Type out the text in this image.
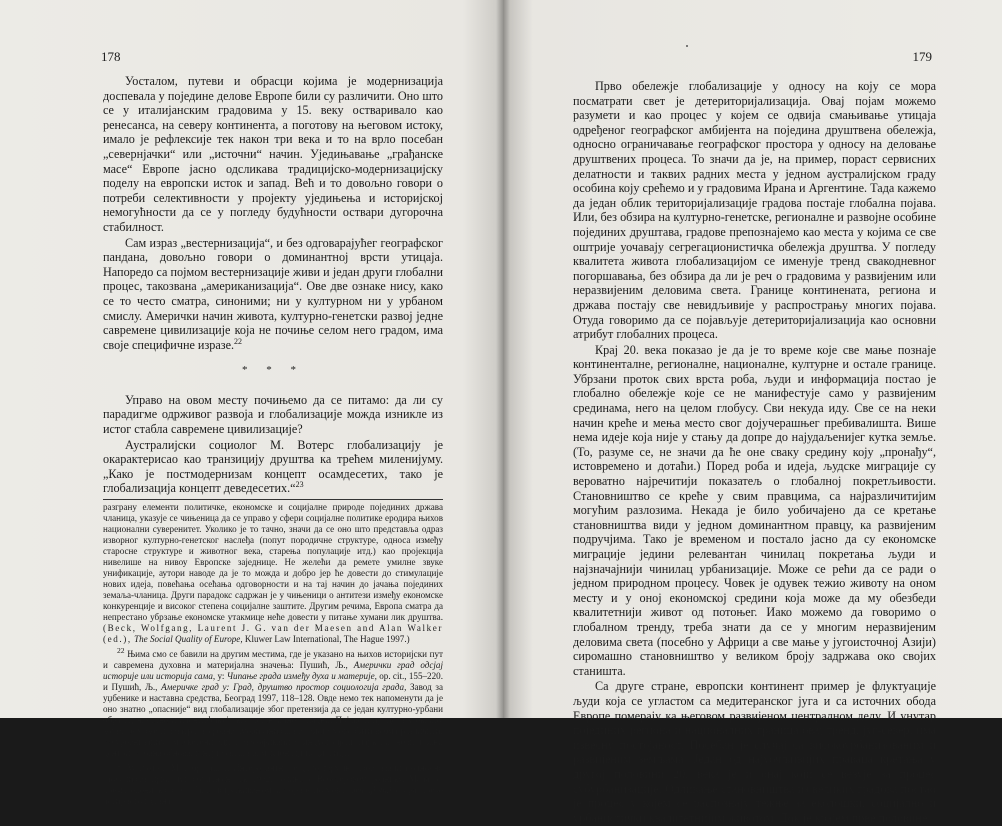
178

Уосталом, путеви и обрасци којима је модернизација доспевала у поједине делове Европе били су различити. Оно што се у италијанским градовима у 15. веку остваривало као ренесанса, на северу континента, а поготову на његовом истоку, имало је рефлексије тек након три века и то на врло посебан „севернјачки“ или „источни“ начин. Уједињавање „грађанске масе“ Европе јасно одсликава традицијско-модернизацијску поделу на европски исток и запад. Већ и то довољно говори о потреби селективности у пројекту уједињења и историјској немогућности да се у погледу будућности оствари дугорочна стабилност.

Сам израз „вестернизација“, и без одговарајућег географског пандана, довољно говори о доминантној врсти утицаја. Напоредо са појмом вестернизације живи и један други глобални процес, такозвана „американизација“. Ове две ознаке нису, како се то често сматра, синоними; ни у културном ни у урбаном смислу. Амерички начин живота, културно-генетски развој једне савремене цивилизације која не почиње селом него градом, има своје специфичне изразе.$^{22}$

* * *

Управо на овом месту почињемо да се питамо: да ли су парадигме одрживог развоја и глобализације можда изникле из истог стабла савремене цивилизације?

Аустралијски социолог М. Вотерс глобализацију је окарактерисао као транзицију друштва ка трећем миленијуму. „Како је постмодернизам концепт осамдесетих, тако је глобализација концепт деведесетих.“$^{23}$

разграну елементи политичке, економске и социјалне природе појединих држава чланица, указује се чињеница да се управо у сфери социјалне политике еродира њихов национални суверенитет. Уколико је то тачно, значи да се оно што представља одраз изворног културно-генетског наслеђа (попут породичне структуре, односа између старосне структуре и животног века, старења популације итд.) као пројекција нивелише на нивоу Европске заједнице. Не желећи да ремете умилне звуке унификације, аутори наводе да је то можда и добро јер ће довести до стимулације нових идеја, повећања осећања одговорности и на тај начин до јачања појединих земаља-чланица. Други парадокс садржан је у чињеници о антитези између економске конкуренције и високог степена социјалне заштите. Другим речима, Европа сматра да непрестано убрзање економске утакмице неће довести у питање хумани лик друштва. (Beck, Wolfgang, Laurent J. G. van der Maesen and Alan Walker (ed.), The Social Quality of Europe, Kluwer Law International, The Hague 1997.)

$^{22}$ Њима смо се бавили на другим местима, где је указано на њихов историјски пут и савремена духовна и материјална значења: Пушић, Љ., Амерички град одсјај историје или историја сама, у: Чипање града између духа и материје, op. cit., 155–220. и Пушић, Љ., Америчке град у: Град, друштво простор социологија града, Завод за уџбенике и наставна средства, Београд 1997, 118–128. Овде немо тек напоменути да је оно знатно „опасније“ вид глобализације због претензија да се један културно-урбани образац наметне и идентификује као аутентично западни. Појаве и процеси у оквиру којих се може посматрати урбана американизација заиста могу бити веома различити: субурбанизација, мехкетенизација, масофикација, индустријски паркови, нови тржни центри, урбана обнова, гентрификација, мекдоналдизација итд.

$^{23}$ Waters, M., op. cit., 1. Интересантно је да је термин глобализација односно глобализам први пут објашњен тек 1962. године у Вебстеровом речнику. Мада је, према оцени којој се баве истраживањем историје појмова, реч global стара преко четиристо година.

179

Прво обележје глобализације у односу на коју се мора посматрати свет је детериторијализација. Овај појам можемо разумети и као процес у којем се одвија смањивање утицаја одређеног географског амбијента на поједина друштвена обележја, односно ограничавање географског простора у односу на деловање друштвених процеса. То значи да је, на пример, пораст сервисних делатности и таквих радних места у једном аустралијском граду особина коју срећемо и у градовима Ирана и Аргентине. Тада кажемо да један облик територијализације градова постаје глобална појава. Или, без обзира на културно-генетске, регионалне и развојне особине појединих друштава, градове препознајемо као места у којима се све оштрије уочавају сегрегационистичка обележја друштва. У погледу квалитета живота глобализацијом се именује тренд свакодневног погоршавања, без обзира да ли је реч о градовима у развијеним или неразвијеним деловима света. Границе континената, региона и држава постају све невидљивије у распрострању многих појава. Отуда говоримо да се појављује детериторијализација као основни атрибут глобалних процеса.

Крај 20. века показао је да је то време које све мање познаје континенталне, регионалне, националне, културне и остале границе. Убрзани проток свих врста роба, људи и информација постао је глобално обележје које се не манифестује само у развијеним срединама, него на целом глобусу. Сви некуда иду. Све се на неки начин креће и мења место свог дојучерашњег пребивалишта. Више нема идеје која није у стању да допре до најудаљенијег кутка земље. (То, разуме се, не значи да ће оне сваку средину коју „пронађу“, истовремено и дотаћи.) Поред роба и идеја, људске миграције су вероватно најречитији показатељ о глобалној покретљивости. Становништво се креће у свим правцима, са најразличитијим могућим разлозима. Некада је било уобичајено да се кретање становништва види у једном доминантном правцу, ка развијеним подручјима. Тако је временом и постало јасно да су економске миграције једини релевантан чинилац покретања људи и најзначајнији чинилац урбанизације. Може се рећи да се ради о једном природном процесу. Човек је одувек тежио животу на оном месту и у оној економској средини која може да му обезбеди квалитетнији живот од потоњег. Иако можемо да говоримо о глобалном тренду, треба знати да се у многим неразвијеним деловима света (посебно у Африци а све мање у југоисточној Азији) сиромашно становништво у великом броју задржава око својих станишта.

Са друге стране, европски континент пример је флуктуације људи која се угластом са медитеранског југа и са источних обода Европе померају ка његовом развијеном централном делу. И унутар појединих региона и националних граница овај тренд, југ-север, има извесну постојаност. Посебан је случај са високоурбанизованим и развијеним земљама. Један од најуочљивијих праваца кретања у другој половини 20. века је и онај који се везује за процес субурбанизације. Одливање становништва из великих градова постао је процес у којем се распознају тежње за еколошки, социјално и урбанистички квалитетнијим животом. Док је крајем прве половине
